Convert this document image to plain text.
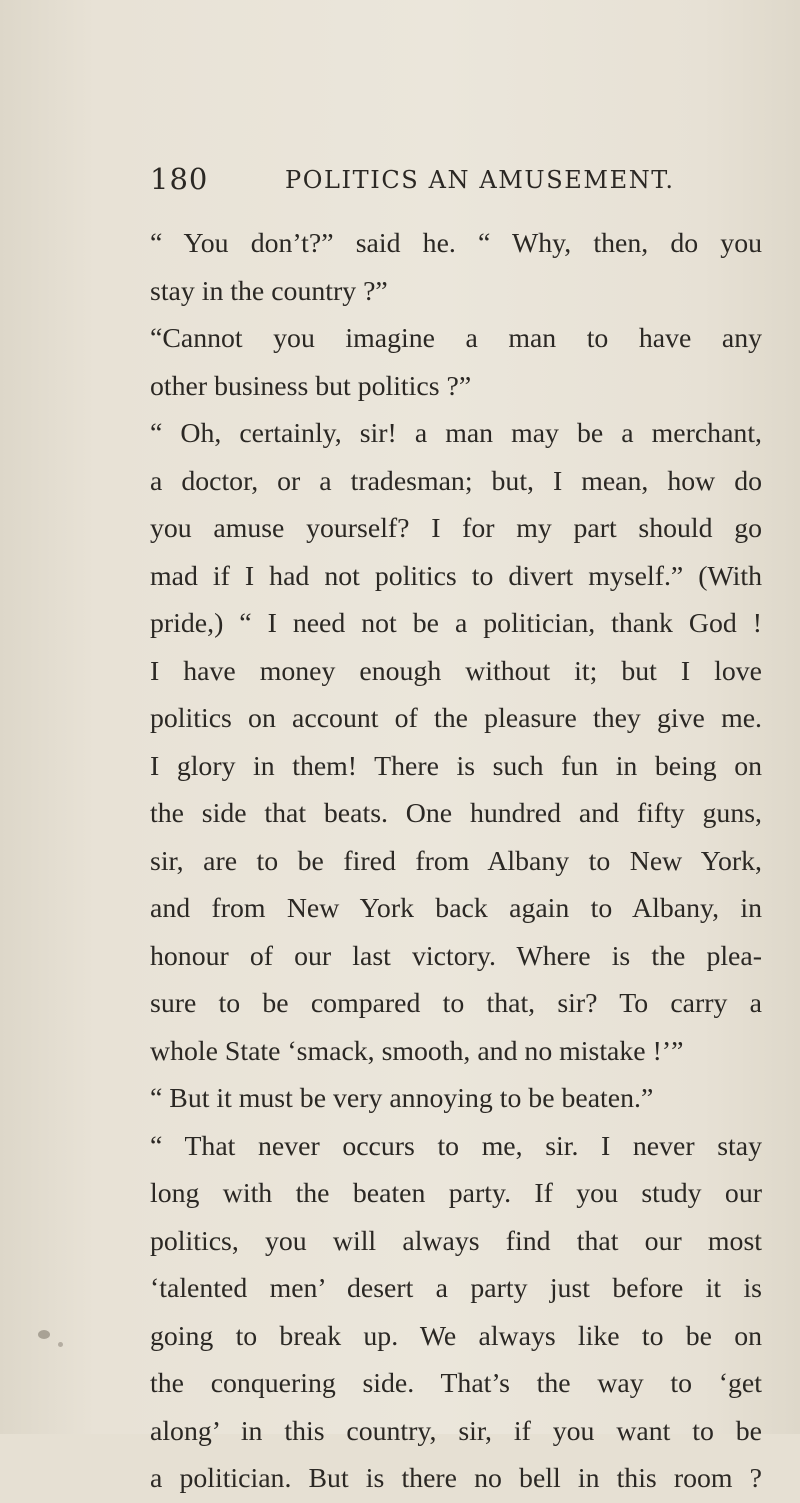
180	POLITICS AN AMUSEMENT.
“ You don’t?” said he. “ Why, then, do you
stay in the country ?”
“Cannot you imagine a man to have any
other business but politics ?”
“ Oh, certainly, sir! a man may be a merchant,
a doctor, or a tradesman; but, I mean, how do
you amuse yourself? I for my part should go
mad if I had not politics to divert myself.” (With
pride,) “ I need not be a politician, thank God !
I have money enough without it; but I love
politics on account of the pleasure they give me.
I glory in them! There is such fun in being on
the side that beats. One hundred and fifty guns,
sir, are to be fired from Albany to New York,
and from New York back again to Albany, in
honour of our last victory. Where is the plea-
sure to be compared to that, sir? To carry a
whole State ‘smack, smooth, and no mistake !’”
“ But it must be very annoying to be beaten.”
“ That never occurs to me, sir. I never stay
long with the beaten party. If you study our
politics, you will always find that our most
‘talented men’ desert a party just before it is
going to break up. We always like to be on
the conquering side. That’s the way to ‘get
along’ in this country, sir, if you want to be
a politician. But is there no bell in this room ?
